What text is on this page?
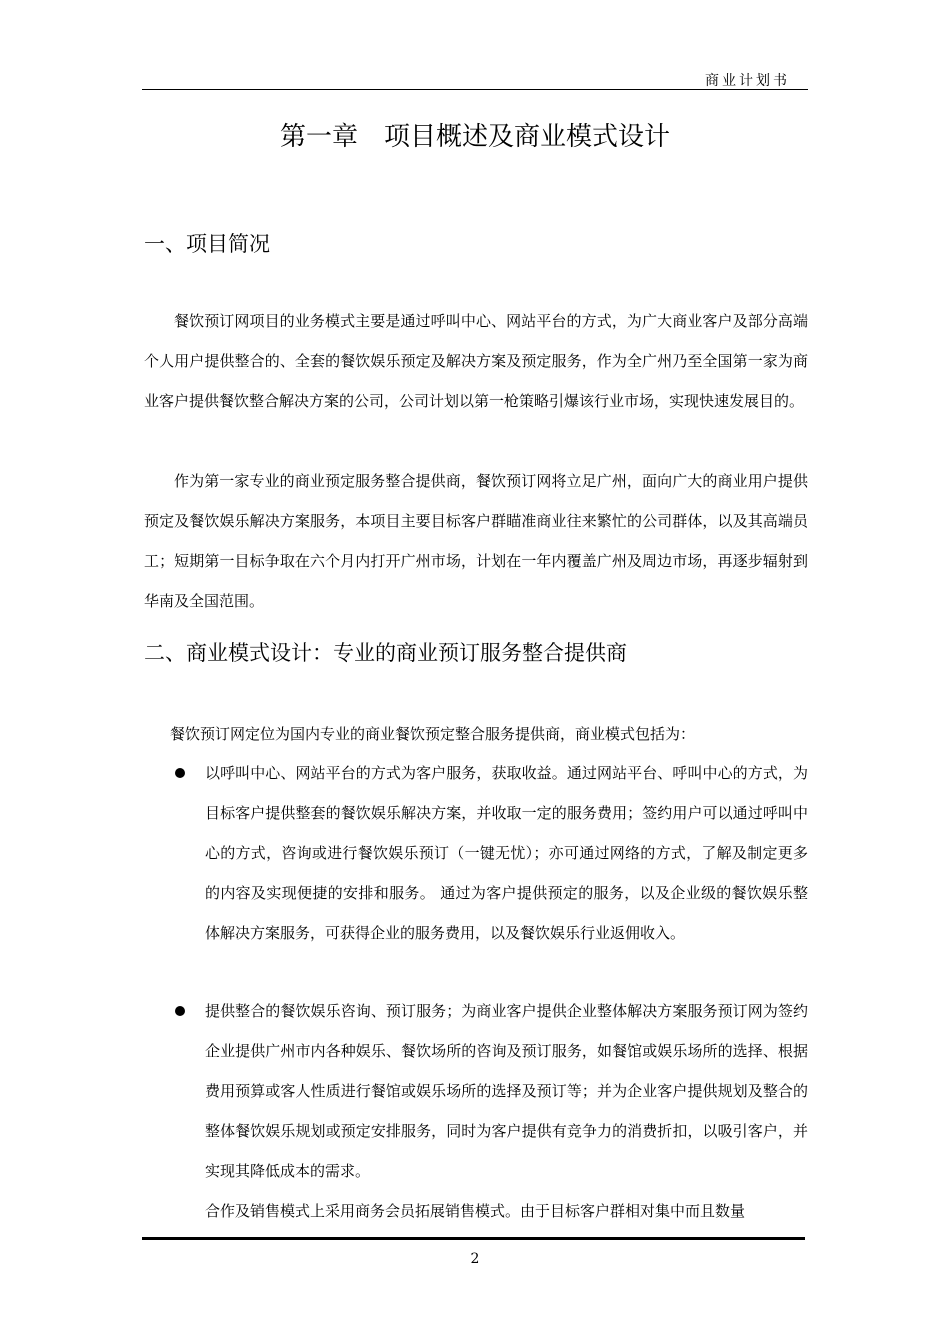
商业计划书
第一章　项目概述及商业模式设计
一、项目简况

餐饮预订网项目的业务模式主要是通过呼叫中心、网站平台的方式，为广大商业客户及部分高端个人用户提供整合的、全套的餐饮娱乐预定及解决方案及预定服务，作为全广州乃至全国第一家为商业客户提供餐饮整合解决方案的公司，公司计划以第一枪策略引爆该行业市场，实现快速发展目的。

作为第一家专业的商业预定服务整合提供商，餐饮预订网将立足广州，面向广大的商业用户提供预定及餐饮娱乐解决方案服务，本项目主要目标客户群瞄准商业往来繁忙的公司群体，以及其高端员工；短期第一目标争取在六个月内打开广州市场，计划在一年内覆盖广州及周边市场，再逐步辐射到华南及全国范围。

二、商业模式设计：专业的商业预订服务整合提供商
餐饮预订网定位为国内专业的商业餐饮预定整合服务提供商，商业模式包括为：
以呼叫中心、网站平台的方式为客户服务，获取收益。通过网站平台、呼叫中心的方式，为目标客户提供整套的餐饮娱乐解决方案，并收取一定的服务费用；签约用户可以通过呼叫中心的方式，咨询或进行餐饮娱乐预订（一键无忧）；亦可通过网络的方式，了解及制定更多的内容及实现便捷的安排和服务。 通过为客户提供预定的服务，以及企业级的餐饮娱乐整体解决方案服务，可获得企业的服务费用，以及餐饮娱乐行业返佣收入。
提供整合的餐饮娱乐咨询、预订服务；为商业客户提供企业整体解决方案服务预订网为签约企业提供广州市内各种娱乐、餐饮场所的咨询及预订服务，如餐馆或娱乐场所的选择、根据费用预算或客人性质进行餐馆或娱乐场所的选择及预订等；并为企业客户提供规划及整合的整体餐饮娱乐规划或预定安排服务，同时为客户提供有竞争力的消费折扣，以吸引客户，并实现其降低成本的需求。
合作及销售模式上采用商务会员拓展销售模式。由于目标客户群相对集中而且数量
2
